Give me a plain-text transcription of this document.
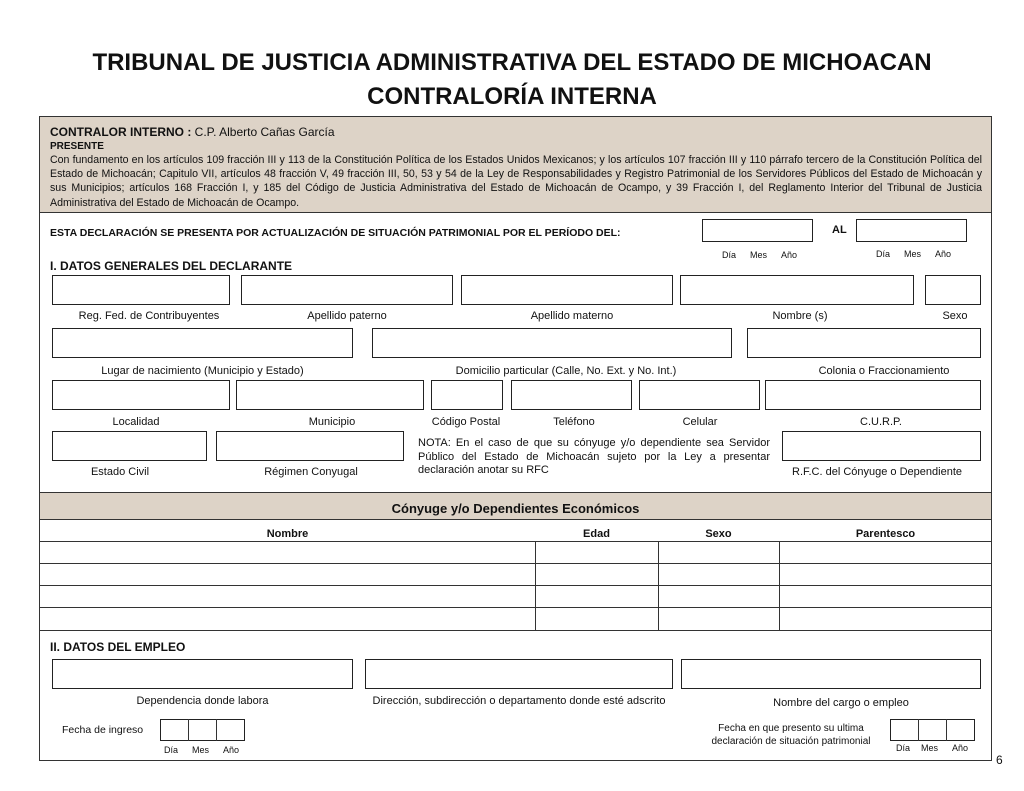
TRIBUNAL DE JUSTICIA ADMINISTRATIVA DEL ESTADO DE MICHOACAN
CONTRALORÍA INTERNA
CONTRALOR INTERNO : C.P. Alberto Cañas García
PRESENTE
Con fundamento en los artículos 109 fracción III y 113 de la Constitución Política de los Estados Unidos Mexicanos; y los artículos 107 fracción III y 110 párrafo tercero de la Constitución Política del Estado de Michoacán; Capitulo VII, artículos 48 fracción V, 49 fracción III, 50, 53 y 54 de la Ley de Responsabilidades y Registro Patrimonial de los Servidores Públicos del Estado de Michoacán y sus Municipios; artículos 168 Fracción I, y 185 del Código de Justicia Administrativa del Estado de Michoacán de Ocampo, y 39 Fracción I, del Reglamento Interior del Tribunal de Justicia Administrativa del Estado de Michoacán de Ocampo.
ESTA DECLARACIÓN SE PRESENTA POR ACTUALIZACIÓN DE SITUACIÓN PATRIMONIAL POR EL PERÍODO DEL:	AL
Día Mes Año	Día Mes Año
I. DATOS GENERALES DEL DECLARANTE
Reg. Fed. de Contribuyentes	Apellido paterno	Apellido materno	Nombre (s)	Sexo
Lugar de nacimiento (Municipio y Estado)	Domicilio particular (Calle, No. Ext. y No. Int.)	Colonia o Fraccionamiento
Localidad	Municipio	Código Postal	Teléfono	Celular	C.U.R.P.
NOTA: En el caso de que su cónyuge y/o dependiente sea Servidor Público del Estado de Michoacán sujeto por la Ley a presentar declaración anotar su RFC
Estado Civil	Régimen Conyugal	R.F.C. del Cónyuge o Dependiente
Cónyuge y/o Dependientes Económicos
Nombre	Edad	Sexo	Parentesco
II. DATOS DEL EMPLEO
Dependencia donde labora	Dirección, subdirección o departamento donde esté adscrito	Nombre del cargo o empleo
Fecha de ingreso
Día Mes Año
Fecha en que presento su ultima declaración de situación patrimonial
Día Mes Año
6
